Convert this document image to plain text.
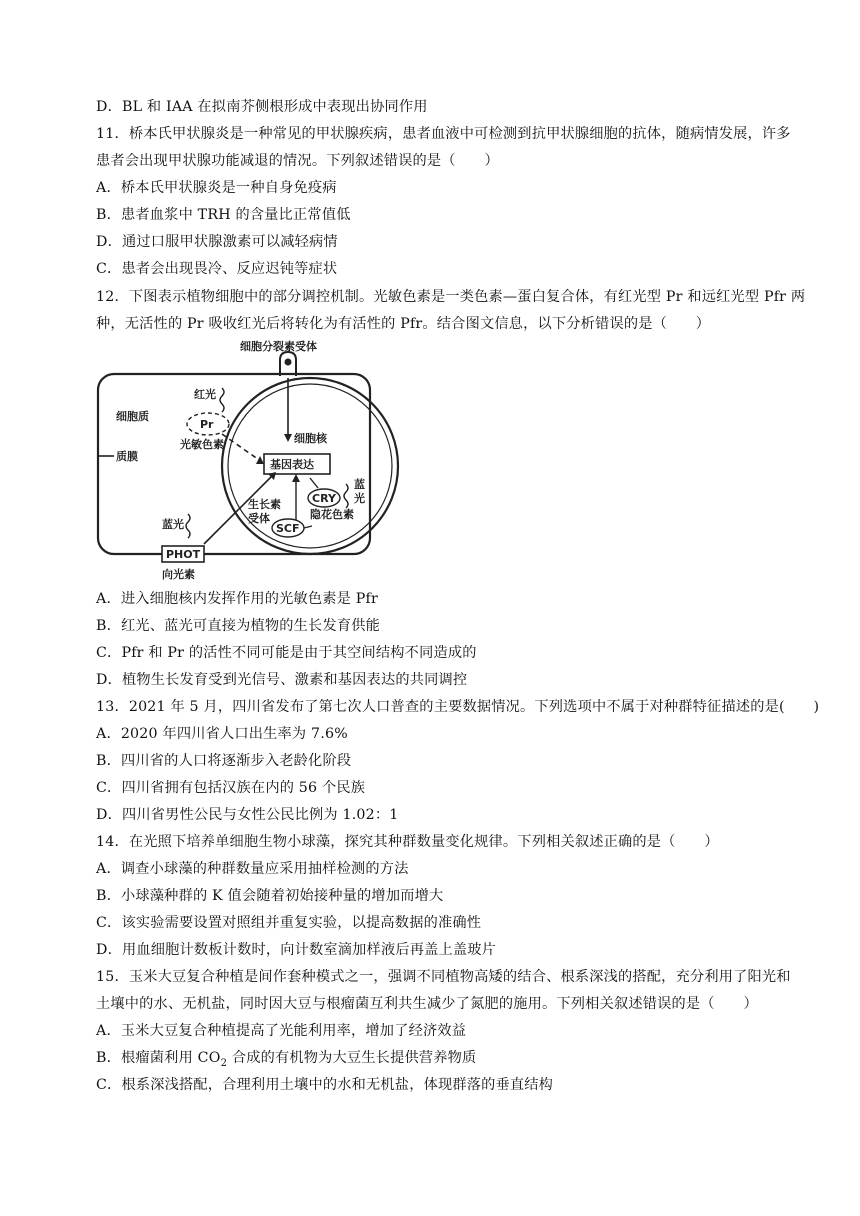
D．BL 和 IAA 在拟南芥侧根形成中表现出协同作用
11．桥本氏甲状腺炎是一种常见的甲状腺疾病，患者血液中可检测到抗甲状腺细胞的抗体，随病情发展，许多
患者会出现甲状腺功能减退的情况。下列叙述错误的是（　　）
A．桥本氏甲状腺炎是一种自身免疫病
B．患者血浆中 TRH 的含量比正常值低
D．通过口服甲状腺激素可以减轻病情
C．患者会出现畏冷、反应迟钝等症状
12．下图表示植物细胞中的部分调控机制。光敏色素是一类色素—蛋白复合体，有红光型 Pr 和远红光型 Pfr 两
种，无活性的 Pr 吸收红光后将转化为有活性的 Pfr。结合图文信息，以下分析错误的是（　　）
细胞分裂素受体
红光
细胞质
Pr
光敏色素
质膜
细胞核
基因表达
蓝
光
CRY
生长素
受体	隐花色素
SCF
蓝光
PHOT
向光素
A．进入细胞核内发挥作用的光敏色素是 Pfr
B．红光、蓝光可直接为植物的生长发育供能
C．Pfr 和 Pr 的活性不同可能是由于其空间结构不同造成的
D．植物生长发育受到光信号、激素和基因表达的共同调控
13．2021 年 5 月，四川省发布了第七次人口普查的主要数据情况。下列选项中不属于对种群特征描述的是(　　)
A．2020 年四川省人口出生率为 7.6%
B．四川省的人口将逐渐步入老龄化阶段
C．四川省拥有包括汉族在内的 56 个民族
D．四川省男性公民与女性公民比例为 1.02：1
14．在光照下培养单细胞生物小球藻，探究其种群数量变化规律。下列相关叙述正确的是（　　）
A．调查小球藻的种群数量应采用抽样检测的方法
B．小球藻种群的 K 值会随着初始接种量的增加而增大
C．该实验需要设置对照组并重复实验，以提高数据的准确性
D．用血细胞计数板计数时，向计数室滴加样液后再盖上盖玻片
15．玉米大豆复合种植是间作套种模式之一，强调不同植物高矮的结合、根系深浅的搭配，充分利用了阳光和
土壤中的水、无机盐，同时因大豆与根瘤菌互利共生减少了氮肥的施用。下列相关叙述错误的是（　　）
A．玉米大豆复合种植提高了光能利用率，增加了经济效益
B．根瘤菌利用 $CO_2$ 合成的有机物为大豆生长提供营养物质
C．根系深浅搭配，合理利用土壤中的水和无机盐，体现群落的垂直结构
